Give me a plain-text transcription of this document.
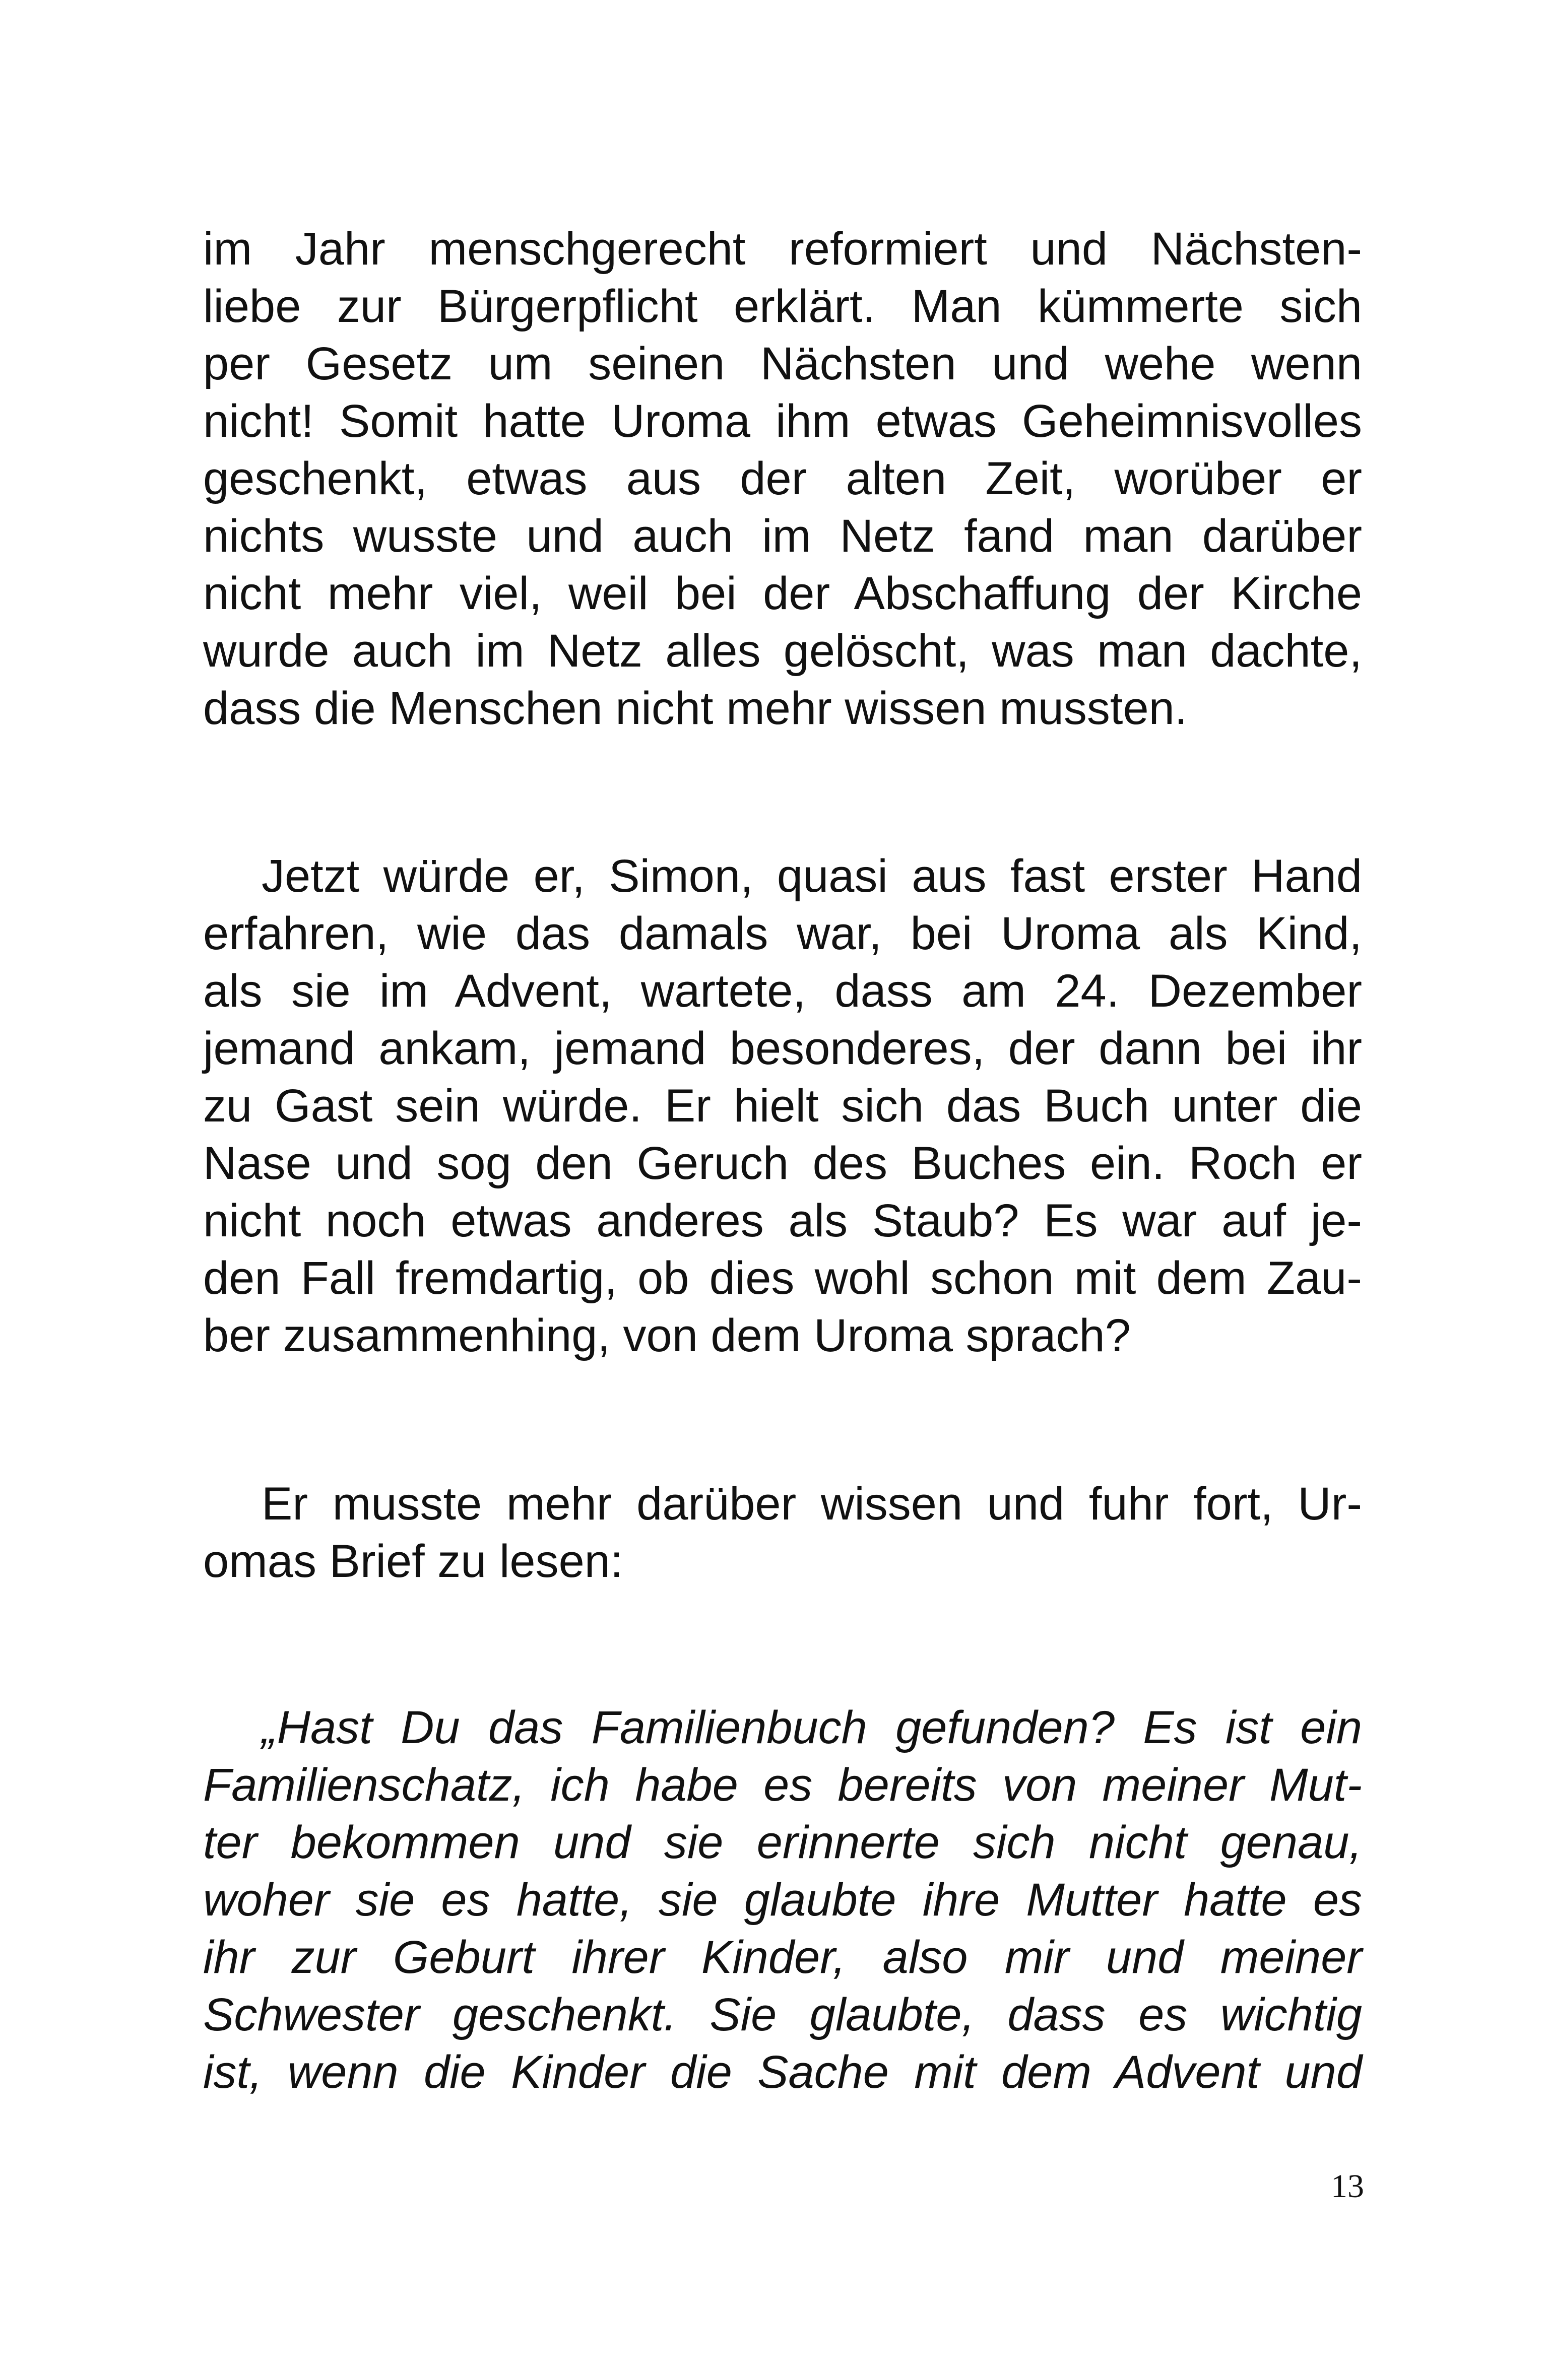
im Jahr menschgerecht reformiert und Nächsten-
liebe zur Bürgerpflicht erklärt. Man kümmerte sich
per Gesetz um seinen Nächsten und wehe wenn
nicht! Somit hatte Uroma ihm etwas Geheimnisvolles
geschenkt, etwas aus der alten Zeit, worüber er
nichts wusste und auch im Netz fand man darüber
nicht mehr viel, weil bei der Abschaffung der Kirche
wurde auch im Netz alles gelöscht, was man dachte,
dass die Menschen nicht mehr wissen mussten.
Jetzt würde er, Simon, quasi aus fast erster Hand
erfahren, wie das damals war, bei Uroma als Kind,
als sie im Advent, wartete, dass am 24. Dezember
jemand ankam, jemand besonderes, der dann bei ihr
zu Gast sein würde. Er hielt sich das Buch unter die
Nase und sog den Geruch des Buches ein. Roch er
nicht noch etwas anderes als Staub? Es war auf je-
den Fall fremdartig, ob dies wohl schon mit dem Zau-
ber zusammenhing, von dem Uroma sprach?
Er musste mehr darüber wissen und fuhr fort, Ur-
omas Brief zu lesen:
„Hast Du das Familienbuch gefunden? Es ist ein
Familienschatz, ich habe es bereits von meiner Mut-
ter bekommen und sie erinnerte sich nicht genau,
woher sie es hatte, sie glaubte ihre Mutter hatte es
ihr zur Geburt ihrer Kinder, also mir und meiner
Schwester geschenkt. Sie glaubte, dass es wichtig
ist, wenn die Kinder die Sache mit dem Advent und
13
